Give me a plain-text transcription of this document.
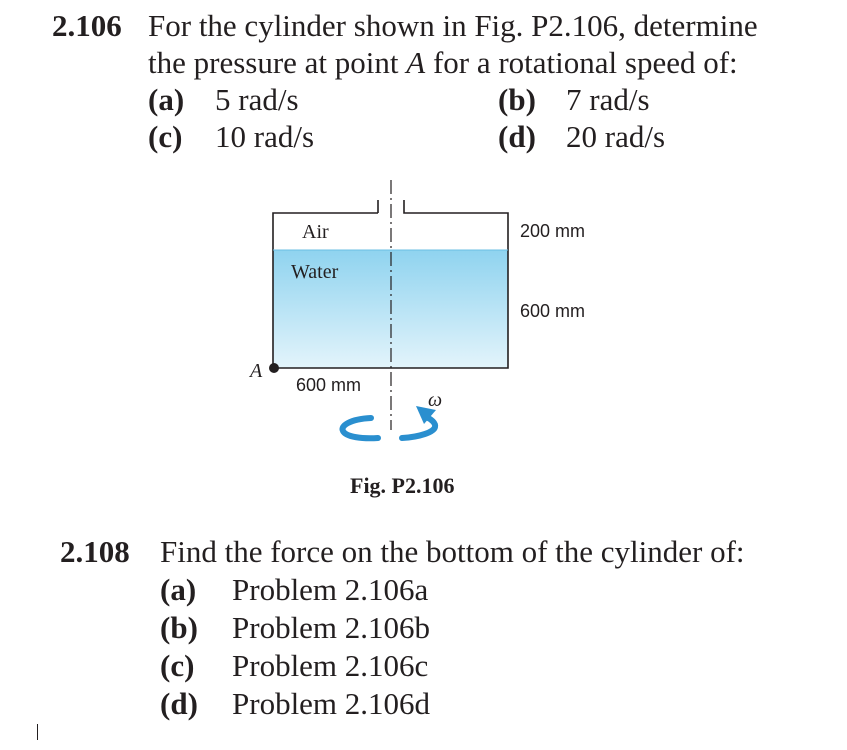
2.106 For the cylinder shown in Fig. P2.106, determine
the pressure at point A for a rotational speed of:
(a) 5 rad/s	(b) 7 rad/s
(c) 10 rad/s	(d) 20 rad/s
Air
Water
200 mm
600 mm
600 mm
A
ω
Fig. P2.106
2.108 Find the force on the bottom of the cylinder of:
(a) Problem 2.106a
(b) Problem 2.106b
(c) Problem 2.106c
(d) Problem 2.106d
